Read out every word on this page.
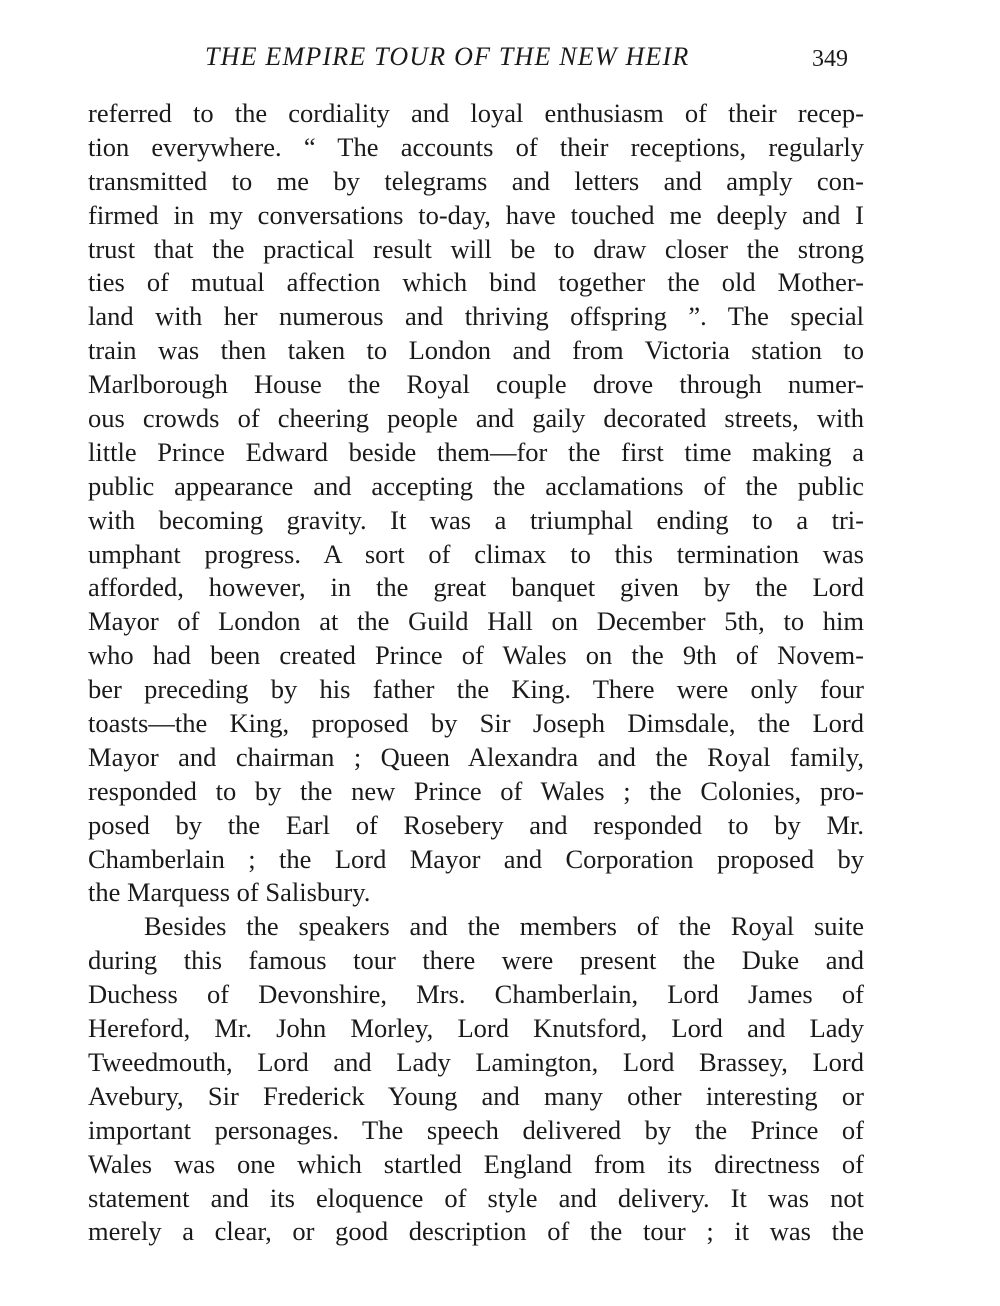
THE EMPIRE TOUR OF THE NEW HEIR	349
referred to the cordiality and loyal enthusiasm of their recep-
tion everywhere. “ The accounts of their receptions, regularly
transmitted to me by telegrams and letters and amply con-
firmed in my conversations to-day, have touched me deeply and I
trust that the practical result will be to draw closer the strong
ties of mutual affection which bind together the old Mother-
land with her numerous and thriving offspring ”. The special
train was then taken to London and from Victoria station to
Marlborough House the Royal couple drove through numer-
ous crowds of cheering people and gaily decorated streets, with
little Prince Edward beside them—for the first time making a
public appearance and accepting the acclamations of the public
with becoming gravity. It was a triumphal ending to a tri-
umphant progress. A sort of climax to this termination was
afforded, however, in the great banquet given by the Lord
Mayor of London at the Guild Hall on December 5th, to him
who had been created Prince of Wales on the 9th of Novem-
ber preceding by his father the King. There were only four
toasts—the King, proposed by Sir Joseph Dimsdale, the Lord
Mayor and chairman ; Queen Alexandra and the Royal family,
responded to by the new Prince of Wales ; the Colonies, pro-
posed by the Earl of Rosebery and responded to by Mr.
Chamberlain ; the Lord Mayor and Corporation proposed by
the Marquess of Salisbury.
Besides the speakers and the members of the Royal suite
during this famous tour there were present the Duke and
Duchess of Devonshire, Mrs. Chamberlain, Lord James of
Hereford, Mr. John Morley, Lord Knutsford, Lord and Lady
Tweedmouth, Lord and Lady Lamington, Lord Brassey, Lord
Avebury, Sir Frederick Young and many other interesting or
important personages. The speech delivered by the Prince of
Wales was one which startled England from its directness of
statement and its eloquence of style and delivery. It was not
merely a clear, or good description of the tour ; it was the
